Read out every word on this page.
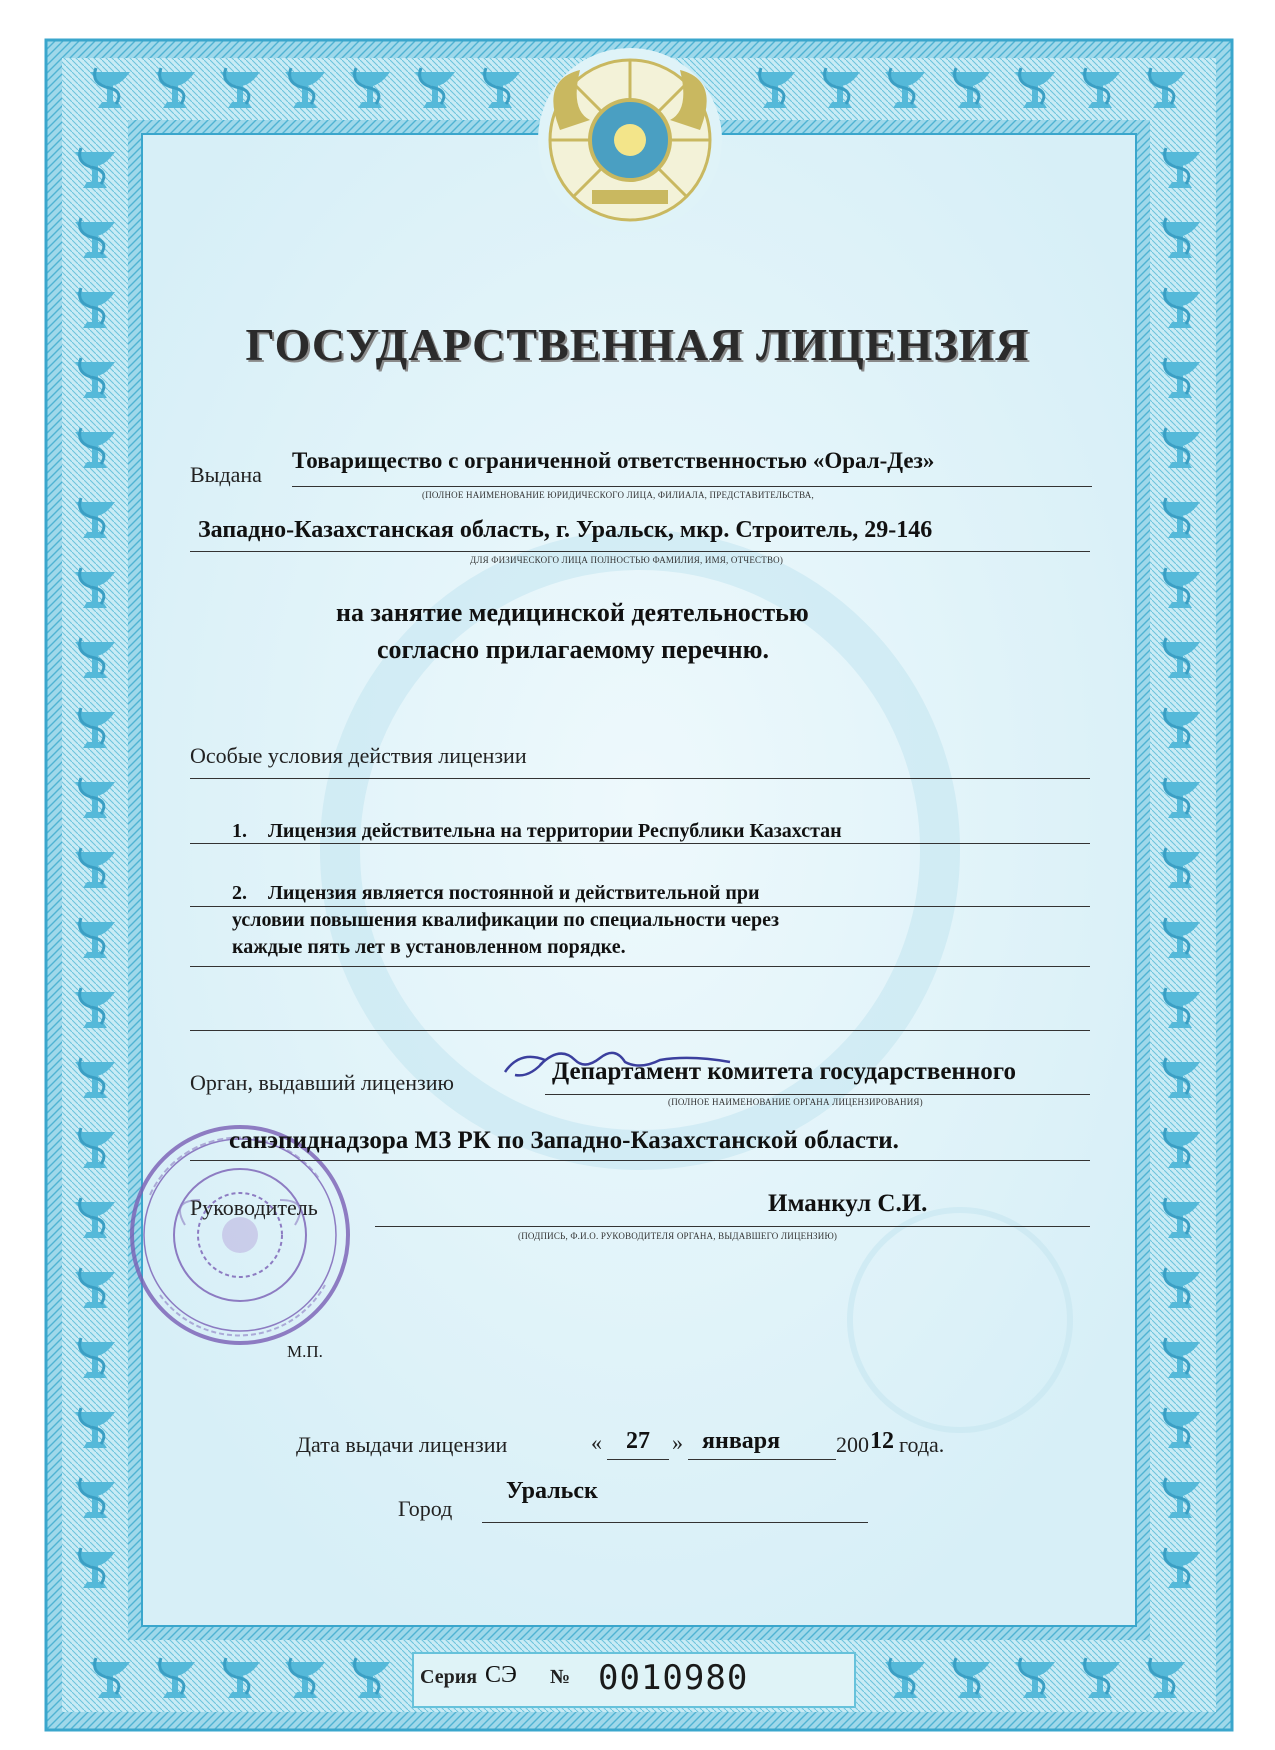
ГОСУДАРСТВЕННАЯ ЛИЦЕНЗИЯ
Выдана
Товарищество с ограниченной ответственностью «Орал-Дез»
(ПОЛНОЕ НАИМЕНОВАНИЕ ЮРИДИЧЕСКОГО ЛИЦА, ФИЛИАЛА, ПРЕДСТАВИТЕЛЬСТВА,
Западно-Казахстанская область, г. Уральск, мкр. Строитель, 29-146
ДЛЯ ФИЗИЧЕСКОГО ЛИЦА ПОЛНОСТЬЮ ФАМИЛИЯ, ИМЯ, ОТЧЕСТВО)
на занятие медицинской деятельностью
согласно прилагаемому перечню.
Особые условия действия лицензии
1. Лицензия действительна на территории Республики Казахстан
2. Лицензия является постоянной и действительной при
условии повышения квалификации по специальности через
каждые пять лет в установленном порядке.
Орган, выдавший лицензию	Департамент комитета государственного
(ПОЛНОЕ НАИМЕНОВАНИЕ ОРГАНА ЛИЦЕНЗИРОВАНИЯ)
санэпиднадзора МЗ РК по Западно-Казахстанской области.
Руководитель	Иманкул С.И.
(ПОДПИСЬ, Ф.И.О. РУКОВОДИТЕЛЯ ОРГАНА, ВЫДАВШЕГО ЛИЦЕНЗИЮ)
М.П.
Дата выдачи лицензии	« 27 » января	200 12 года.
Город
Уральск
Серия СЭ № 0010980
